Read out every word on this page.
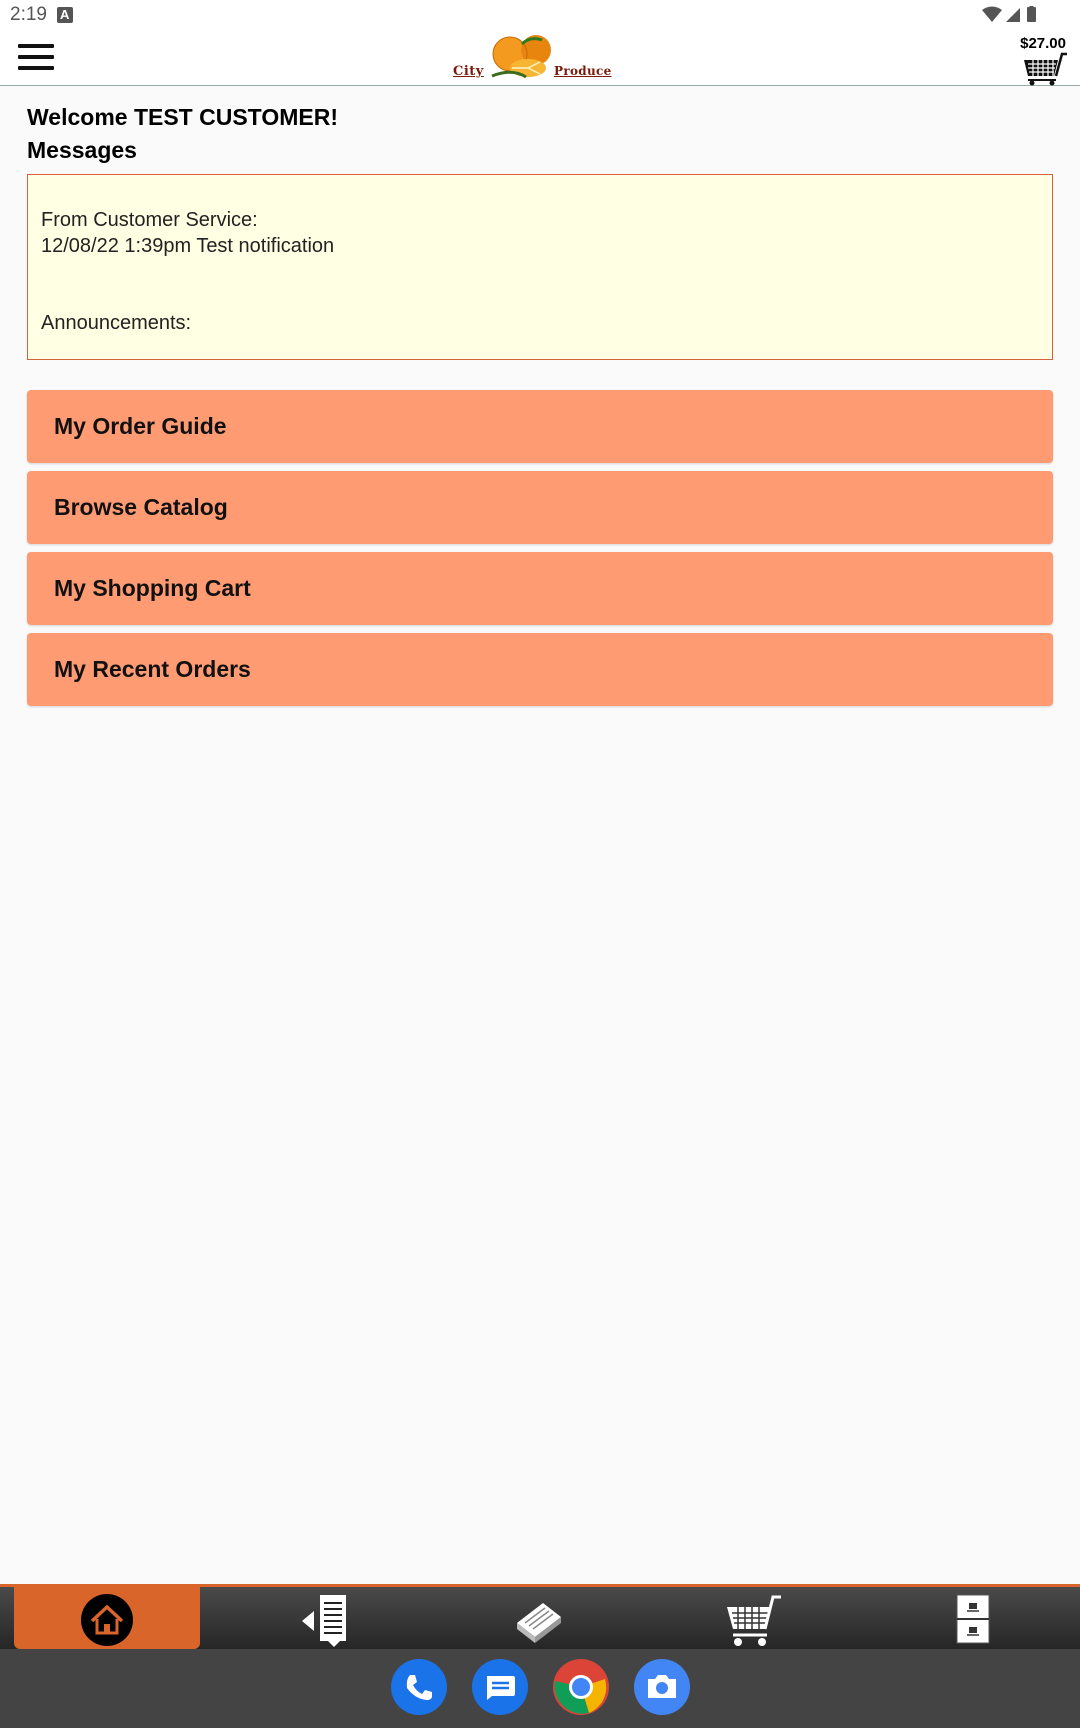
2:19 A
City	Produce
$27.00
Welcome TEST CUSTOMER!
Messages
From Customer Service:
12/08/22 1:39pm Test notification
Announcements:
My Order Guide
Browse Catalog
My Shopping Cart
My Recent Orders
